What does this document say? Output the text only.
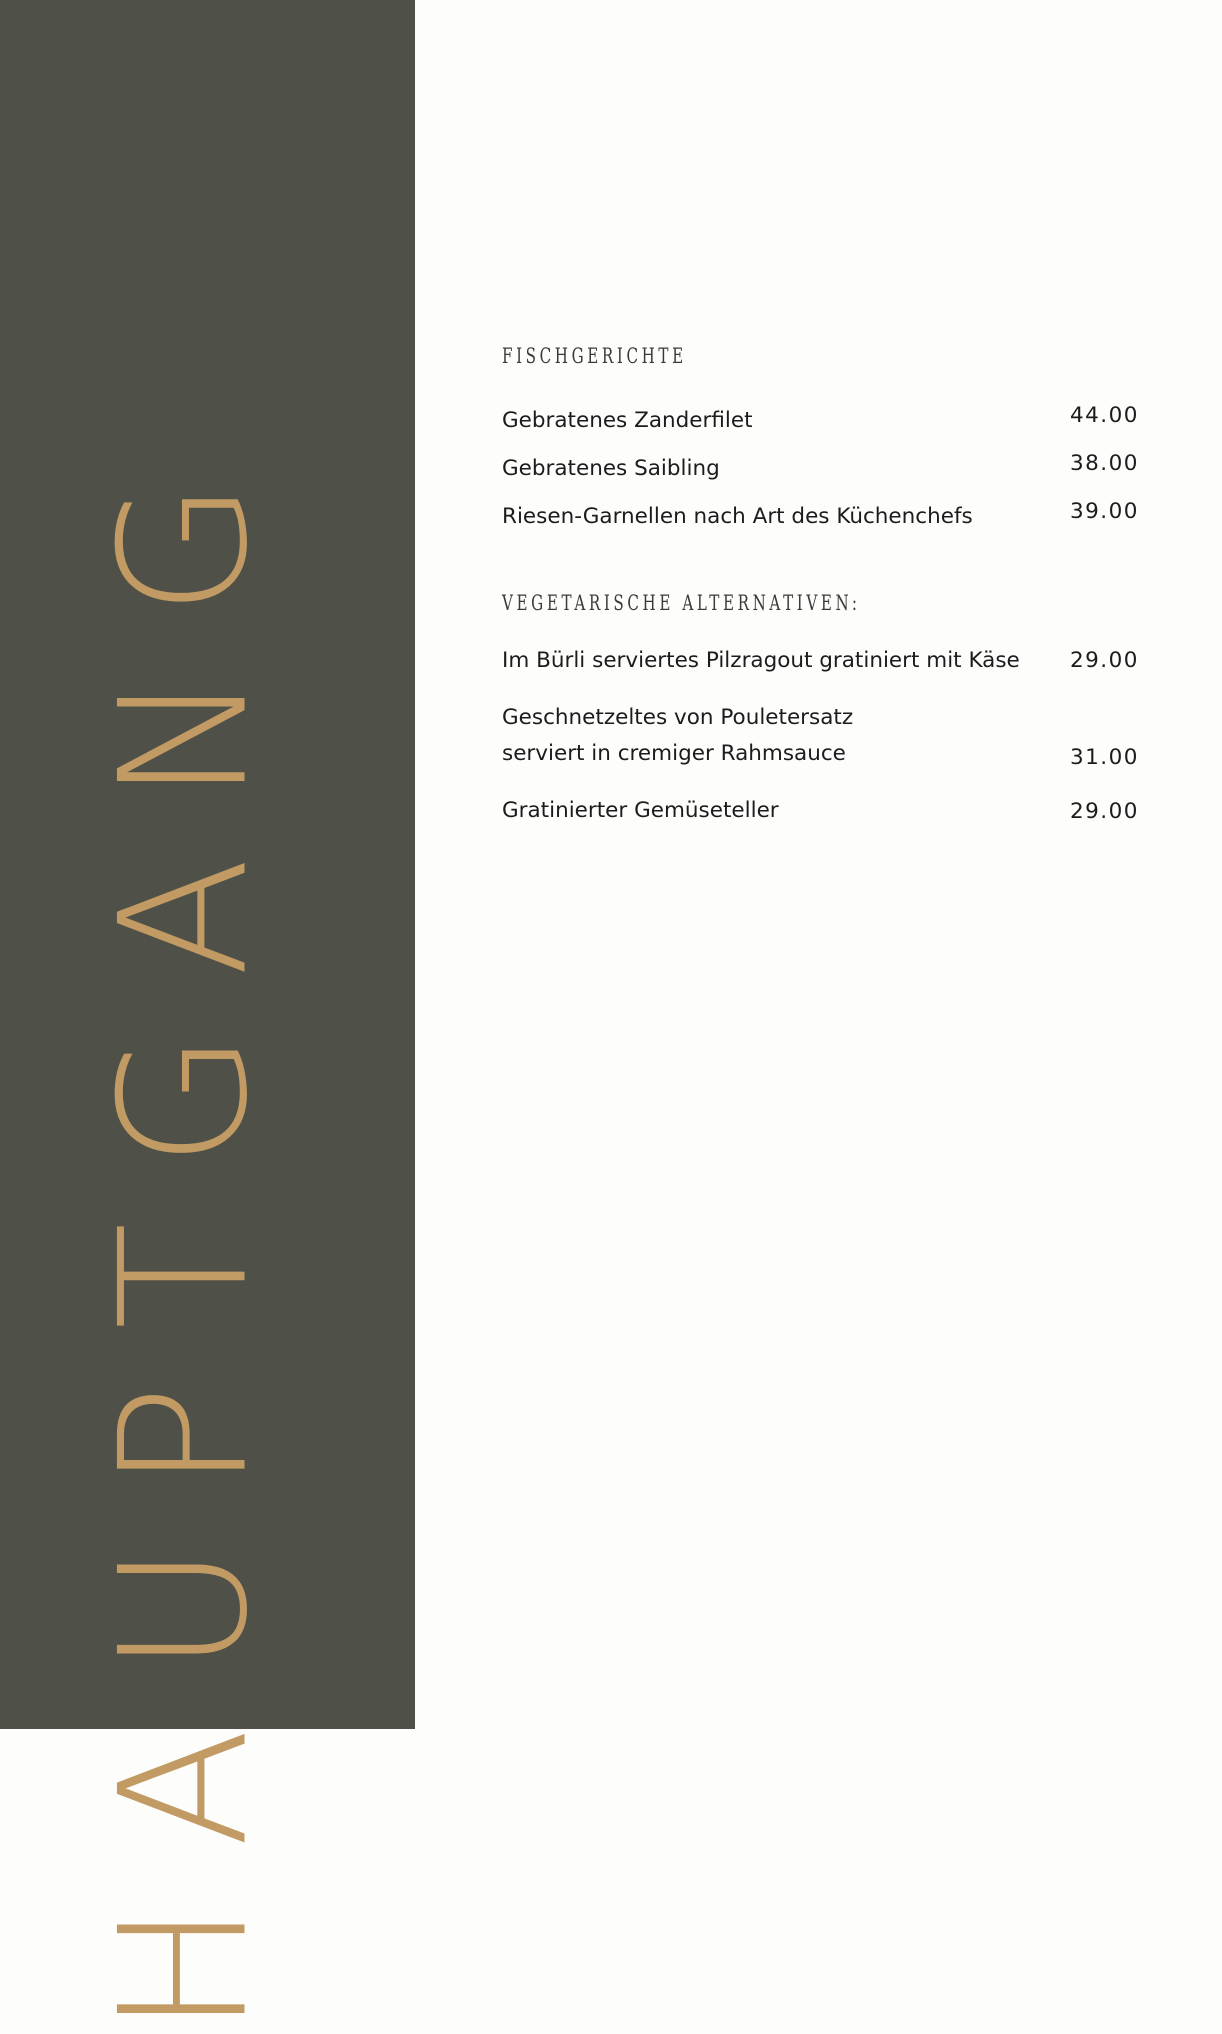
HAUPTGANG
FISCHGERICHTE
Gebratenes Zanderfilet	44.00
Gebratenes Saibling	38.00
Riesen-Garnellen nach Art des Küchenchefs	39.00
VEGETARISCHE ALTERNATIVEN:
Im Bürli serviertes Pilzragout gratiniert mit Käse 29.00
Geschnetzeltes von Pouletersatz
serviert in cremiger Rahmsauce	31.00
Gratinierter Gemüseteller	29.00
